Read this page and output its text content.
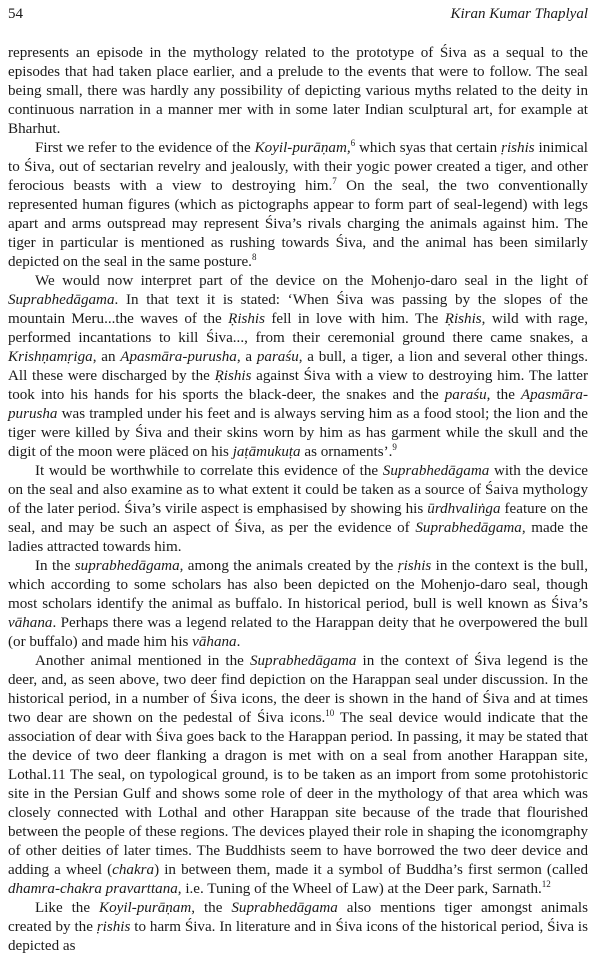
54	Kiran Kumar Thaplyal

represents an episode in the mythology related to the prototype of Śiva as a sequal to the episodes that had taken place earlier, and a prelude to the events that were to follow. The seal being small, there was hardly any possibility of depicting various myths related to the deity in continuous narration in a manner mer with in some later Indian sculptural art, for example at Bharhut.

First we refer to the evidence of the Koyil-purāṇam,$^6$ which syas that certain ṛishis inimical to Śiva, out of sectarian revelry and jealously, with their yogic power created a tiger, and other ferocious beasts with a view to destroying him.$^7$ On the seal, the two conventionally represented human figures (which as pictographs appear to form part of seal-legend) with legs apart and arms outspread may represent Śiva’s rivals charging the animals against him. The tiger in particular is mentioned as rushing towards Śiva, and the animal has been similarly depicted on the seal in the same posture.$^8$

We would now interpret part of the device on the Mohenjo-daro seal in the light of Suprabhedāgama. In that text it is stated: ‘When Śiva was passing by the slopes of the mountain Meru...the waves of the Ṛishis fell in love with him. The Ṛishis, wild with rage, performed incantations to kill Śiva..., from their ceremonial ground there came snakes, a Krishṇamṛiga, an Apasmāra-purusha, a paraśu, a bull, a tiger, a lion and several other things. All these were discharged by the Ṛishis against Śiva with a view to destroying him. The latter took into his hands for his sports the black-deer, the snakes and the paraśu, the Apasmāra-purusha was trampled under his feet and is always serving him as a food stool; the lion and the tiger were killed by Śiva and their skins worn by him as has garment while the skull and the digit of the moon were pläced on his jaṭāmukuṭa as ornaments’.$^9$

It would be worthwhile to correlate this evidence of the Suprabhedāgama with the device on the seal and also examine as to what extent it could be taken as a source of Śaiva mythology of the later period. Śiva’s virile aspect is emphasised by showing his ūrdhvaliṅga feature on the seal, and may be such an aspect of Śiva, as per the evidence of Suprabhedāgama, made the ladies attracted towards him.

In the suprabhedāgama, among the animals created by the ṛishis in the context is the bull, which according to some scholars has also been depicted on the Mohenjo-daro seal, though most scholars identify the animal as buffalo. In historical period, bull is well known as Śiva’s vāhana. Perhaps there was a legend related to the Harappan deity that he overpowered the bull (or buffalo) and made him his vāhana.

Another animal mentioned in the Suprabhedāgama in the context of Śiva legend is the deer, and, as seen above, two deer find depiction on the Harappan seal under discussion. In the historical period, in a number of Śiva icons, the deer is shown in the hand of Śiva and at times two dear are shown on the pedestal of Śiva icons.$^{10}$ The seal device would indicate that the association of dear with Śiva goes back to the Harappan period. In passing, it may be stated that the device of two deer flanking a dragon is met with on a seal from another Harappan site, Lothal.11 The seal, on typological ground, is to be taken as an import from some protohistoric site in the Persian Gulf and shows some role of deer in the mythology of that area which was closely connected with Lothal and other Harappan site because of the trade that flourished between the people of these regions. The devices played their role in shaping the iconomgraphy of other deities of later times. The Buddhists seem to have borrowed the two deer device and adding a wheel (chakra) in between them, made it a symbol of Buddha’s first sermon (called dhamra-chakra pravarttana, i.e. Tuning of the Wheel of Law) at the Deer park, Sarnath.$^{12}$

Like the Koyil-purāṇam, the Suprabhedāgama also mentions tiger amongst animals created by the ṛishis to harm Śiva. In literature and in Śiva icons of the historical period, Śiva is depicted as
